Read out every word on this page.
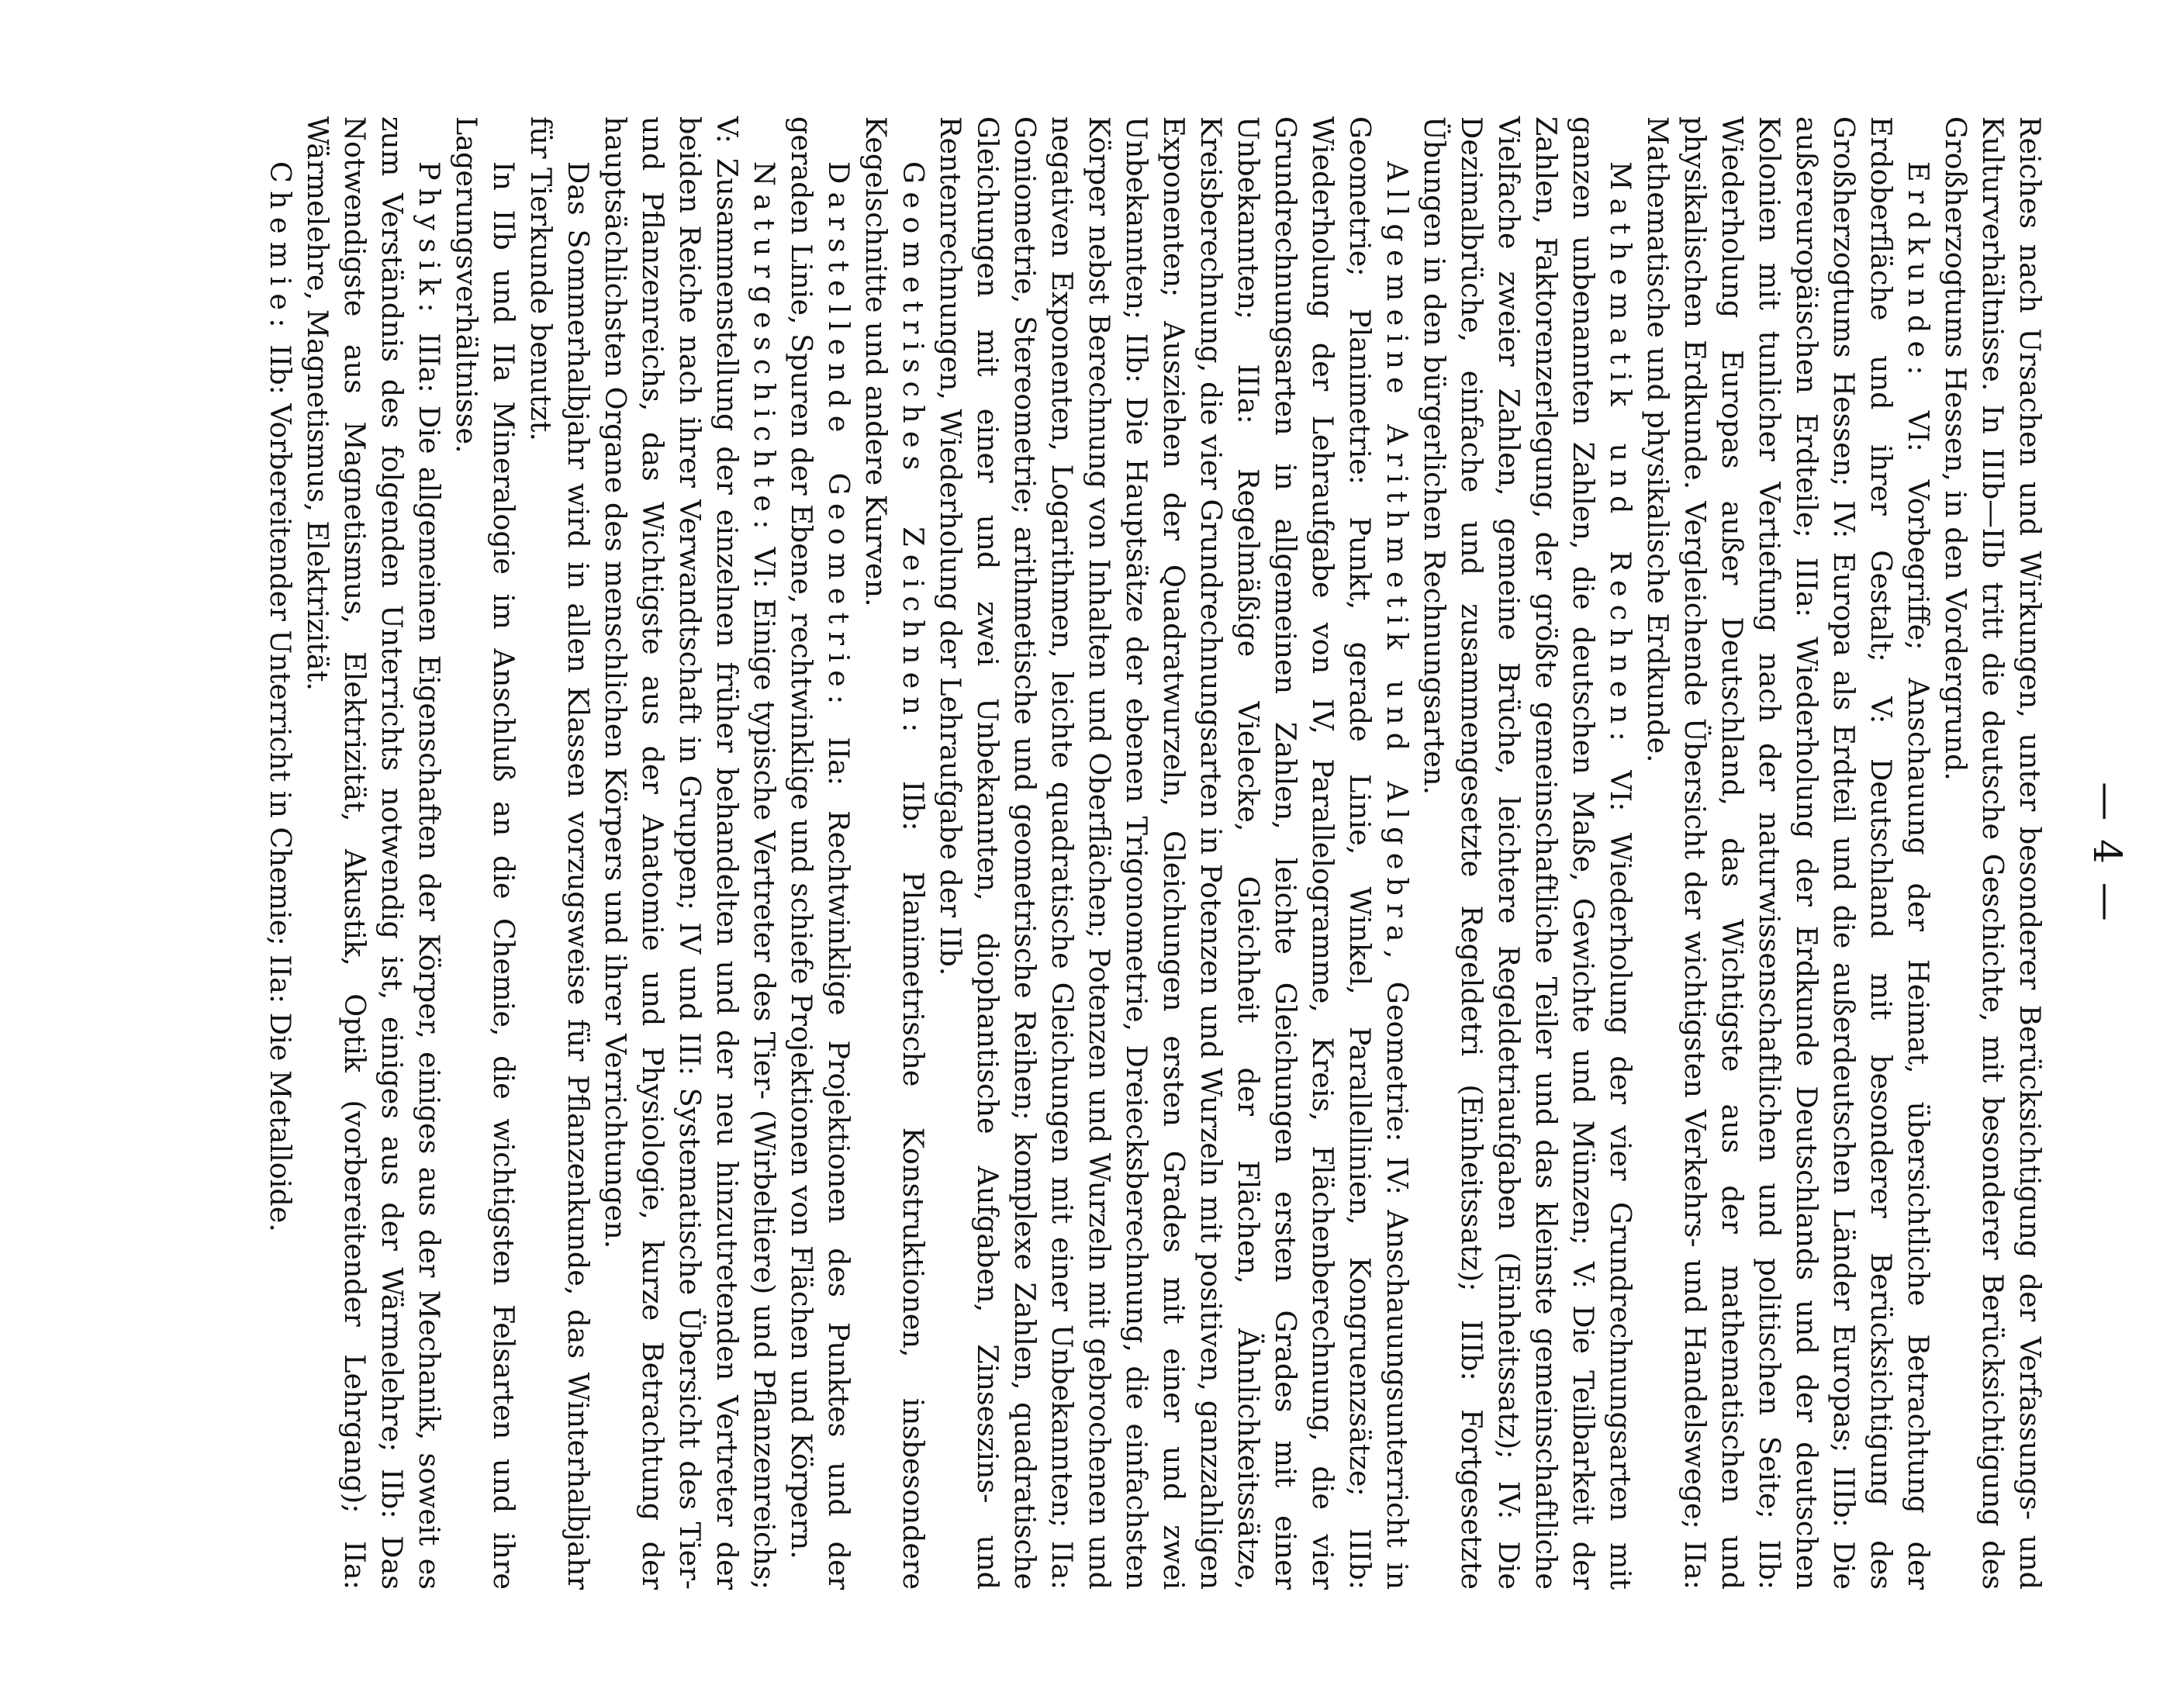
— 4 —

Reiches nach Ursachen und Wirkungen, unter besonderer Berücksichtigung der Verfassungs- und Kulturverhältnisse. In IIIb—IIb tritt die deutsche Geschichte, mit besonderer Berücksichtigung des Großherzogtums Hessen, in den Vordergrund.

Erdkunde: VI: Vorbegriffe; Anschauung der Heimat, übersichtliche Betrachtung der Erdoberfläche und ihrer Gestalt; V: Deutschland mit besonderer Berücksichtigung des Großherzogtums Hessen; IV: Europa als Erdteil und die außerdeutschen Länder Europas; IIIb: Die außereuropäischen Erdteile; IIIa: Wiederholung der Erdkunde Deutschlands und der deutschen Kolonien mit tunlicher Vertiefung nach der naturwissenschaftlichen und politischen Seite; IIb: Wiederholung Europas außer Deutschland, das Wichtigste aus der mathematischen und physikalischen Erdkunde. Vergleichende Übersicht der wichtigsten Verkehrs- und Handelswege; IIa: Mathematische und physikalische Erdkunde.

Mathematik und Rechnen: VI: Wiederholung der vier Grundrechnungsarten mit ganzen unbenannten Zahlen, die deutschen Maße, Gewichte und Münzen; V: Die Teilbarkeit der Zahlen, Faktorenzerlegung, der größte gemeinschaftliche Teiler und das kleinste gemeinschaftliche Vielfache zweier Zahlen, gemeine Brüche, leichtere Regeldetriaufgaben (Einheitssatz); IV: Die Dezimalbrüche, einfache und zusammengesetzte Regeldetri (Einheitssatz); IIIb: Fortgesetzte Übungen in den bürgerlichen Rechnungsarten.

Allgemeine Arithmetik und Algebra, Geometrie: IV: Anschauungsunterricht in Geometrie; Planimetrie: Punkt, gerade Linie, Winkel, Parallellinien, Kongruenzsätze; IIIb: Wiederholung der Lehraufgabe von IV, Parallelogramme, Kreis, Flächenberechnung, die vier Grundrechnungsarten in allgemeinen Zahlen, leichte Gleichungen ersten Grades mit einer Unbekannten; IIIa: Regelmäßige Vielecke, Gleichheit der Flächen, Ähnlichkeitssätze, Kreisberechnung, die vier Grundrechnungsarten in Potenzen und Wurzeln mit positiven, ganzzahligen Exponenten; Ausziehen der Quadratwurzeln, Gleichungen ersten Grades mit einer und zwei Unbekannten; IIb: Die Hauptsätze der ebenen Trigonometrie, Dreiecksberechnung, die einfachsten Körper nebst Berechnung von Inhalten und Oberflächen; Potenzen und Wurzeln mit gebrochenen und negativen Exponenten, Logarithmen, leichte quadratische Gleichungen mit einer Unbekannten; IIa: Goniometrie, Stereometrie; arithmetische und geometrische Reihen; komplexe Zahlen, quadratische Gleichungen mit einer und zwei Unbekannten, diophantische Aufgaben, Zinseszins- und Rentenrechnungen, Wiederholung der Lehraufgabe der IIb.

Geometrisches Zeichnen: IIb: Planimetrische Konstruktionen, insbesondere Kegelschnitte und andere Kurven.

Darstellende Geometrie: IIa: Rechtwinklige Projektionen des Punktes und der geraden Linie, Spuren der Ebene, rechtwinklige und schiefe Projektionen von Flächen und Körpern.

Naturgeschichte: VI: Einige typische Vertreter des Tier- (Wirbeltiere) und Pflanzenreichs; V: Zusammenstellung der einzelnen früher behandelten und der neu hinzutretenden Vertreter der beiden Reiche nach ihrer Verwandtschaft in Gruppen; IV und III: Systematische Übersicht des Tier- und Pflanzenreichs, das Wichtigste aus der Anatomie und Physiologie, kurze Betrachtung der hauptsächlichsten Organe des menschlichen Körpers und ihrer Verrichtungen.

Das Sommerhalbjahr wird in allen Klassen vorzugsweise für Pflanzenkunde, das Winterhalbjahr für Tierkunde benutzt.

In IIb und IIa Mineralogie im Anschluß an die Chemie, die wichtigsten Felsarten und ihre Lagerungsverhältnisse.

Physik: IIIa: Die allgemeinen Eigenschaften der Körper, einiges aus der Mechanik, soweit es zum Verständnis des folgenden Unterrichts notwendig ist, einiges aus der Wärmelehre; IIb: Das Notwendigste aus Magnetismus, Elektrizität, Akustik, Optik (vorbereitender Lehrgang); IIa: Wärmelehre, Magnetismus, Elektrizität.

Chemie: IIb: Vorbereitender Unterricht in Chemie; IIa: Die Metalloide.
